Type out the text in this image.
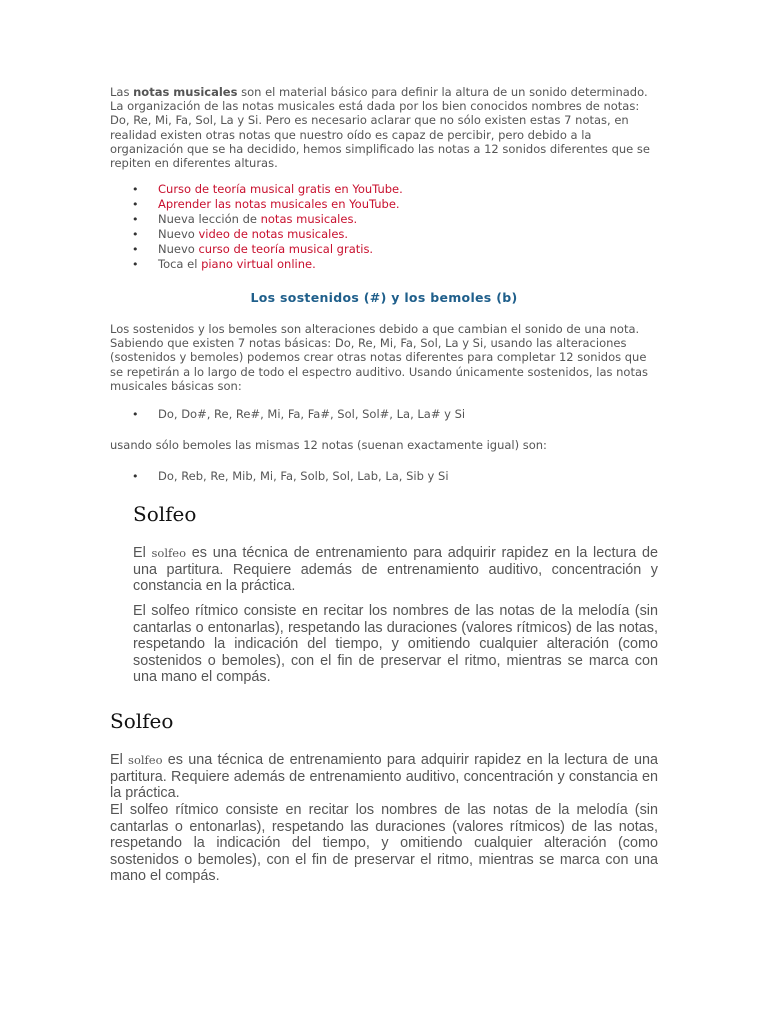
Las notas musicales son el material básico para definir la altura de un sonido determinado. La organización de las notas musicales está dada por los bien conocidos nombres de notas: Do, Re, Mi, Fa, Sol, La y Si. Pero es necesario aclarar que no sólo existen estas 7 notas, en realidad existen otras notas que nuestro oído es capaz de percibir, pero debido a la organización que se ha decidido, hemos simplificado las notas a 12 sonidos diferentes que se repiten en diferentes alturas.

• Curso de teoría musical gratis en YouTube.
• Aprender las notas musicales en YouTube.
• Nueva lección de notas musicales.
• Nuevo video de notas musicales.
• Nuevo curso de teoría musical gratis.
• Toca el piano virtual online.
Los sostenidos (#) y los bemoles (b)

Los sostenidos y los bemoles son alteraciones debido a que cambian el sonido de una nota. Sabiendo que existen 7 notas básicas: Do, Re, Mi, Fa, Sol, La y Si, usando las alteraciones (sostenidos y bemoles) podemos crear otras notas diferentes para completar 12 sonidos que se repetirán a lo largo de todo el espectro auditivo. Usando únicamente sostenidos, las notas musicales básicas son:

• Do, Do#, Re, Re#, Mi, Fa, Fa#, Sol, Sol#, La, La# y Si

usando sólo bemoles las mismas 12 notas (suenan exactamente igual) son:

• Do, Reb, Re, Mib, Mi, Fa, Solb, Sol, Lab, La, Sib y Si
Solfeo

El solfeo es una técnica de entrenamiento para adquirir rapidez en la lectura de una partitura. Requiere además de entrenamiento auditivo, concentración y constancia en la práctica.

El solfeo rítmico consiste en recitar los nombres de las notas de la melodía (sin cantarlas o entonarlas), respetando las duraciones (valores rítmicos) de las notas, respetando la indicación del tiempo, y omitiendo cualquier alteración (como sostenidos o bemoles), con el fin de preservar el ritmo, mientras se marca con una mano el compás.

Solfeo

El solfeo es una técnica de entrenamiento para adquirir rapidez en la lectura de una partitura. Requiere además de entrenamiento auditivo, concentración y constancia en la práctica.

El solfeo rítmico consiste en recitar los nombres de las notas de la melodía (sin cantarlas o entonarlas), respetando las duraciones (valores rítmicos) de las notas, respetando la indicación del tiempo, y omitiendo cualquier alteración (como sostenidos o bemoles), con el fin de preservar el ritmo, mientras se marca con una mano el compás.
